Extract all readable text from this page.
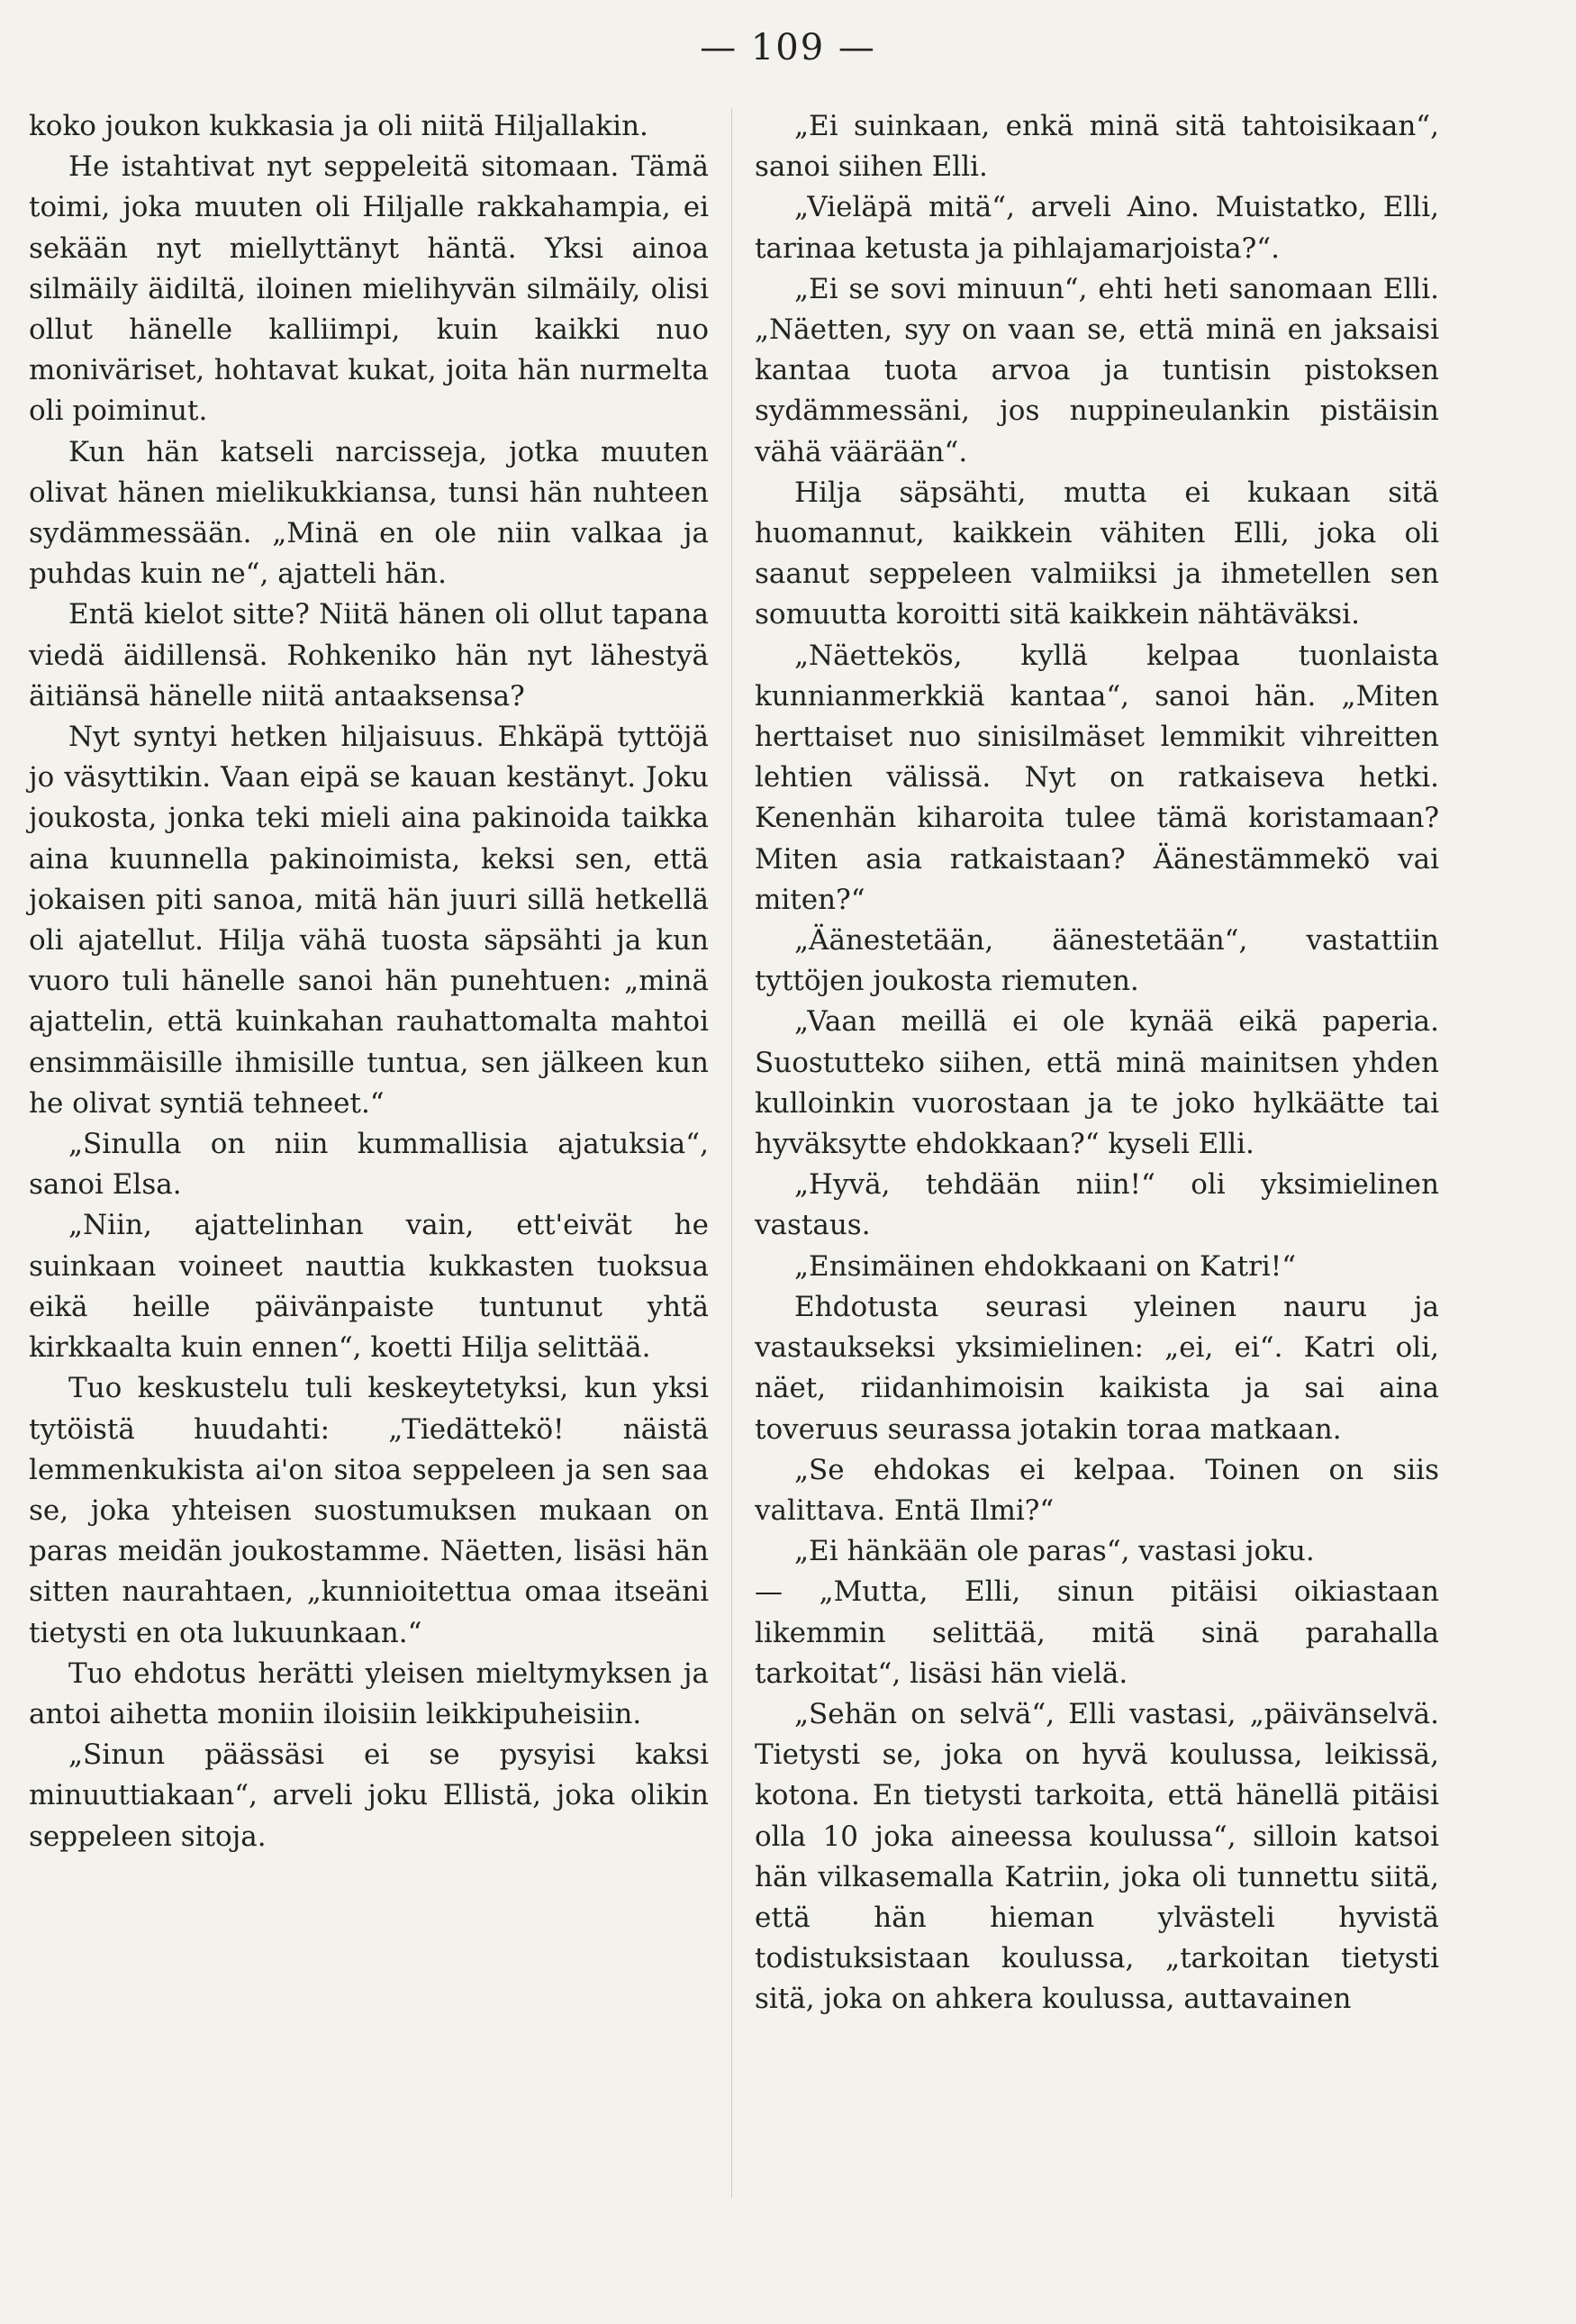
— 109 —

koko joukon kukkasia ja oli niitä Hiljallakin.

He istahtivat nyt seppeleitä sitomaan. Tämä toimi, joka muuten oli Hiljalle rakkahampia, ei sekään nyt miellyttänyt häntä. Yksi ainoa silmäily äidiltä, iloinen mielihyvän silmäily, olisi ollut hänelle kalliimpi, kuin kaikki nuo moniväriset, hohtavat kukat, joita hän nurmelta oli poiminut.

Kun hän katseli narcisseja, jotka muuten olivat hänen mielikukkiansa, tunsi hän nuhteen sydämmessään. „Minä en ole niin valkaa ja puhdas kuin ne“, ajatteli hän.

Entä kielot sitte? Niitä hänen oli ollut tapana viedä äidillensä. Rohkeniko hän nyt lähestyä äitiänsä hänelle niitä antaaksensa?

Nyt syntyi hetken hiljaisuus. Ehkäpä tyttöjä jo väsyttikin. Vaan eipä se kauan kestänyt. Joku joukosta, jonka teki mieli aina pakinoida taikka aina kuunnella pakinoimista, keksi sen, että jokaisen piti sanoa, mitä hän juuri sillä hetkellä oli ajatellut. Hilja vähä tuosta säpsähti ja kun vuoro tuli hänelle sanoi hän punehtuen: „minä ajattelin, että kuinkahan rauhattomalta mahtoi ensimmäisille ihmisille tuntua, sen jälkeen kun he olivat syntiä tehneet.“

„Sinulla on niin kummallisia ajatuksia“, sanoi Elsa.

„Niin, ajattelinhan vain, ett'eivät he suinkaan voineet nauttia kukkasten tuoksua eikä heille päivänpaiste tuntunut yhtä kirkkaalta kuin ennen“, koetti Hilja selittää.

Tuo keskustelu tuli keskeytetyksi, kun yksi tytöistä huudahti: „Tiedättekö! näistä lemmenkukista ai'on sitoa seppeleen ja sen saa se, joka yhteisen suostumuksen mukaan on paras meidän joukostamme. Näetten, lisäsi hän sitten naurahtaen, „kunnioitettua omaa itseäni tietysti en ota lukuunkaan.“

Tuo ehdotus herätti yleisen mieltymyksen ja antoi aihetta moniin iloisiin leikkipuheisiin.

„Sinun päässäsi ei se pysyisi kaksi minuuttiakaan“, arveli joku Ellistä, joka olikin seppeleen sitoja.

„Ei suinkaan, enkä minä sitä tahtoisikaan“, sanoi siihen Elli.

„Vieläpä mitä“, arveli Aino. Muistatko, Elli, tarinaa ketusta ja pihlajamarjoista?“.

„Ei se sovi minuun“, ehti heti sanomaan Elli. „Näetten, syy on vaan se, että minä en jaksaisi kantaa tuota arvoa ja tuntisin pistoksen sydämmessäni, jos nuppineulankin pistäisin vähä väärään“.

Hilja säpsähti, mutta ei kukaan sitä huomannut, kaikkein vähiten Elli, joka oli saanut seppeleen valmiiksi ja ihmetellen sen somuutta koroitti sitä kaikkein nähtäväksi.

„Näettekös, kyllä kelpaa tuonlaista kunnianmerkkiä kantaa“, sanoi hän. „Miten herttaiset nuo sinisilmäset lemmikit vihreitten lehtien välissä. Nyt on ratkaiseva hetki. Kenenhän kiharoita tulee tämä koristamaan? Miten asia ratkaistaan? Äänestämmekö vai miten?“

„Äänestetään, äänestetään“, vastattiin tyttöjen joukosta riemuten.

„Vaan meillä ei ole kynää eikä paperia. Suostutteko siihen, että minä mainitsen yhden kulloinkin vuorostaan ja te joko hylkäätte tai hyväksytte ehdokkaan?“ kyseli Elli.

„Hyvä, tehdään niin!“ oli yksimielinen vastaus.

„Ensimäinen ehdokkaani on Katri!“

Ehdotusta seurasi yleinen nauru ja vastaukseksi yksimielinen: „ei, ei“. Katri oli, näet, riidanhimoisin kaikista ja sai aina toveruus seurassa jotakin toraa matkaan.

„Se ehdokas ei kelpaa. Toinen on siis valittava. Entä Ilmi?“

„Ei hänkään ole paras“, vastasi joku.

— „Mutta, Elli, sinun pitäisi oikiastaan likemmin selittää, mitä sinä parahalla tarkoitat“, lisäsi hän vielä.

„Sehän on selvä“, Elli vastasi, „päivänselvä. Tietysti se, joka on hyvä koulussa, leikissä, kotona. En tietysti tarkoita, että hänellä pitäisi olla 10 joka aineessa koulussa“, silloin katsoi hän vilkasemalla Katriin, joka oli tunnettu siitä, että hän hieman ylvästeli hyvistä todistuksistaan koulussa, „tarkoitan tietysti sitä, joka on ahkera koulussa, auttavainen
